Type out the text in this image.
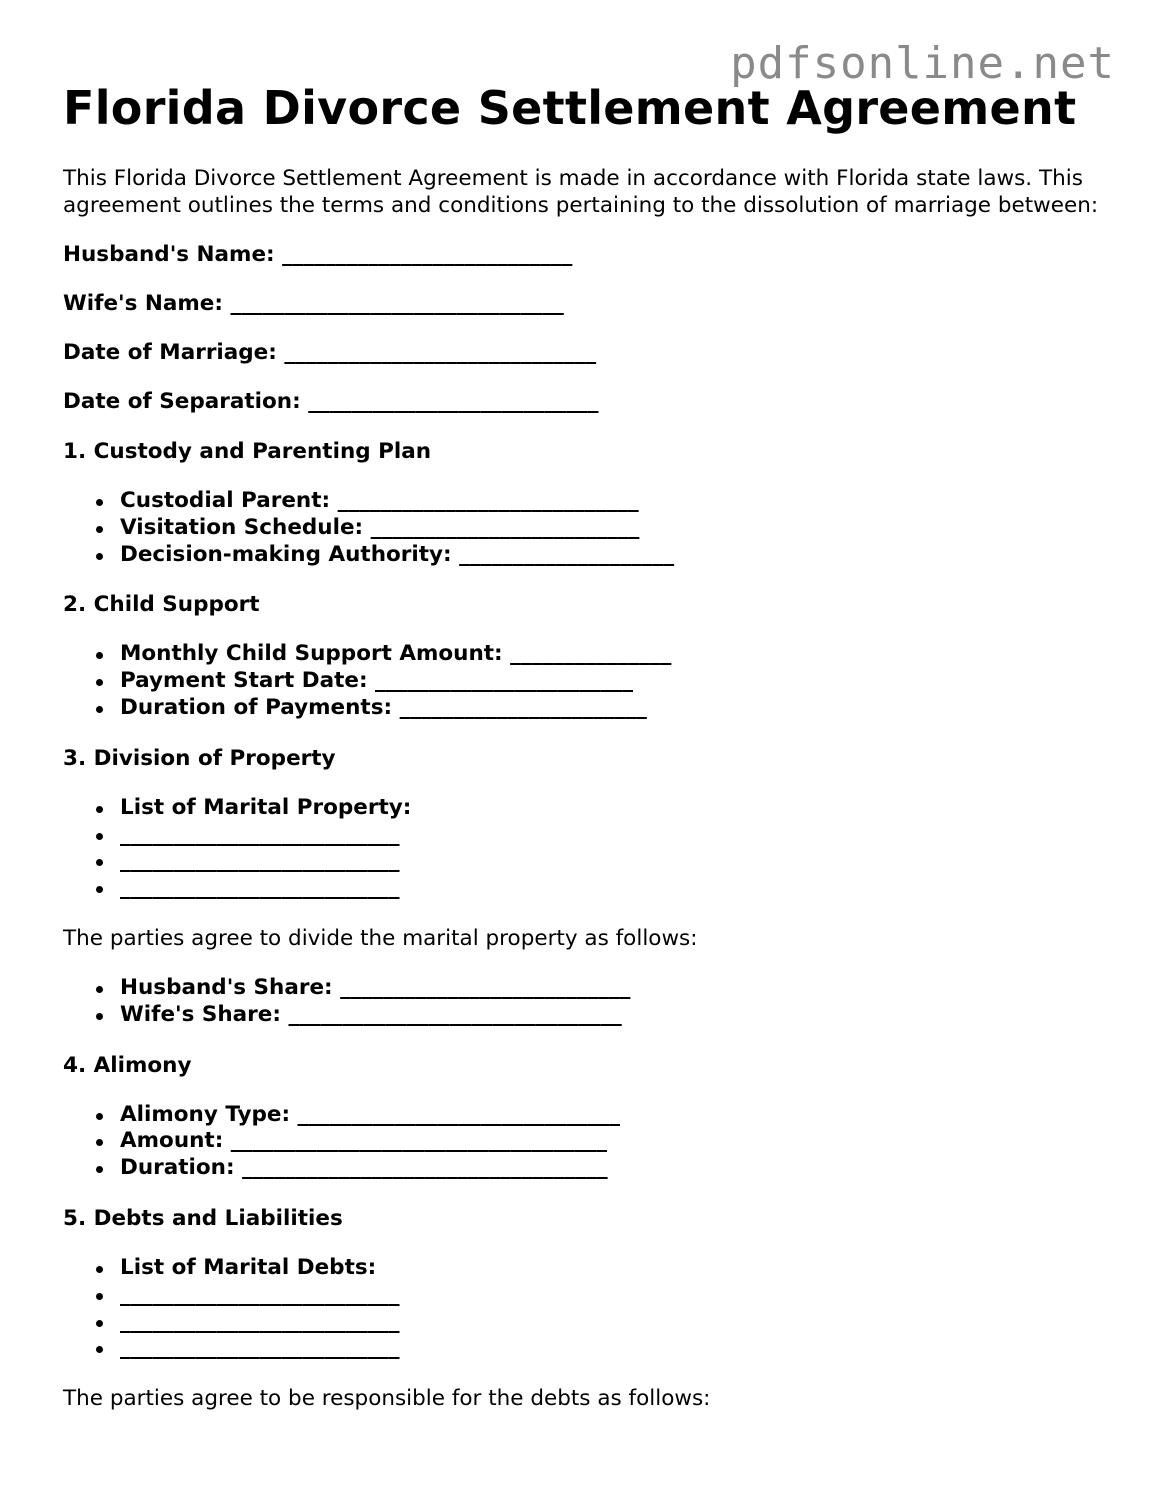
pdfsonline.net
Florida Divorce Settlement Agreement

This Florida Divorce Settlement Agreement is made in accordance with Florida state laws. This agreement outlines the terms and conditions pertaining to the dissolution of marriage between:

Husband's Name: ___________________________

Wife's Name: _______________________________

Date of Marriage: _____________________________

Date of Separation: ___________________________

1. Custody and Parenting Plan

Custodial Parent: ____________________________
Visitation Schedule: _________________________
Decision-making Authority: ____________________

2. Child Support

Monthly Child Support Amount: _______________
Payment Start Date: ________________________
Duration of Payments: _______________________

3. Division of Property

List of Marital Property:
__________________________
__________________________
__________________________

The parties agree to divide the marital property as follows:

Husband's Share: ___________________________
Wife's Share: _______________________________

4. Alimony

Alimony Type: ______________________________
Amount: ___________________________________
Duration: __________________________________

5. Debts and Liabilities

List of Marital Debts:
__________________________
__________________________
__________________________

The parties agree to be responsible for the debts as follows:
